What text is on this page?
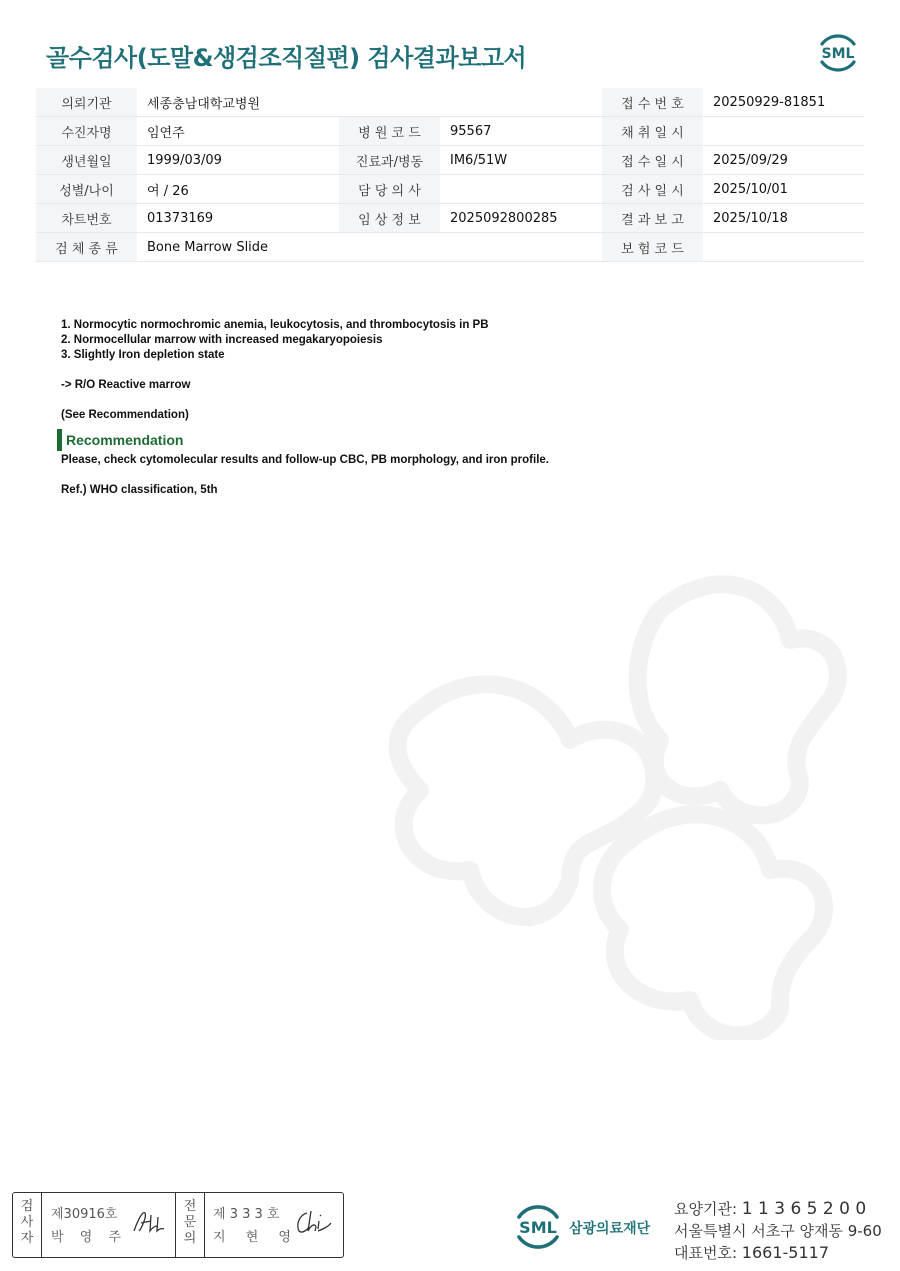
골수검사(도말&생검조직절편) 검사결과보고서	SML
의뢰기관	세종충남대학교병원			접 수 번 호	20250929-81851
수진자명	임연주	병 원 코 드	95567	채 취 일 시	
생년월일	1999/03/09	진료과/병동	IM6/51W	접 수 일 시	2025/09/29
성별/나이	여 / 26	담 당 의 사		검 사 일 시	2025/10/01
차트번호	01373169	임 상 정 보	2025092800285	결 과 보 고	2025/10/18
검 체 종 류	Bone Marrow Slide			보 험 코 드	
1. Normocytic normochromic anemia, leukocytosis, and thrombocytosis in PB
2. Normocellular marrow with increased megakaryopoiesis
3. Slightly Iron depletion state

-> R/O Reactive marrow

(See Recommendation)
Recommendation
Please, check cytomolecular results and follow-up CBC, PB morphology, and iron profile.
Ref.) WHO classification, 5th
검
사
자
제30916호
박 영 주
전
문
의
제 3 3 3 호
지 현 영
SML 삼광의료재단
요양기관: 1 1 3 6 5 2 0 0
서울특별시 서초구 양재동 9-60
대표번호: 1661-5117
